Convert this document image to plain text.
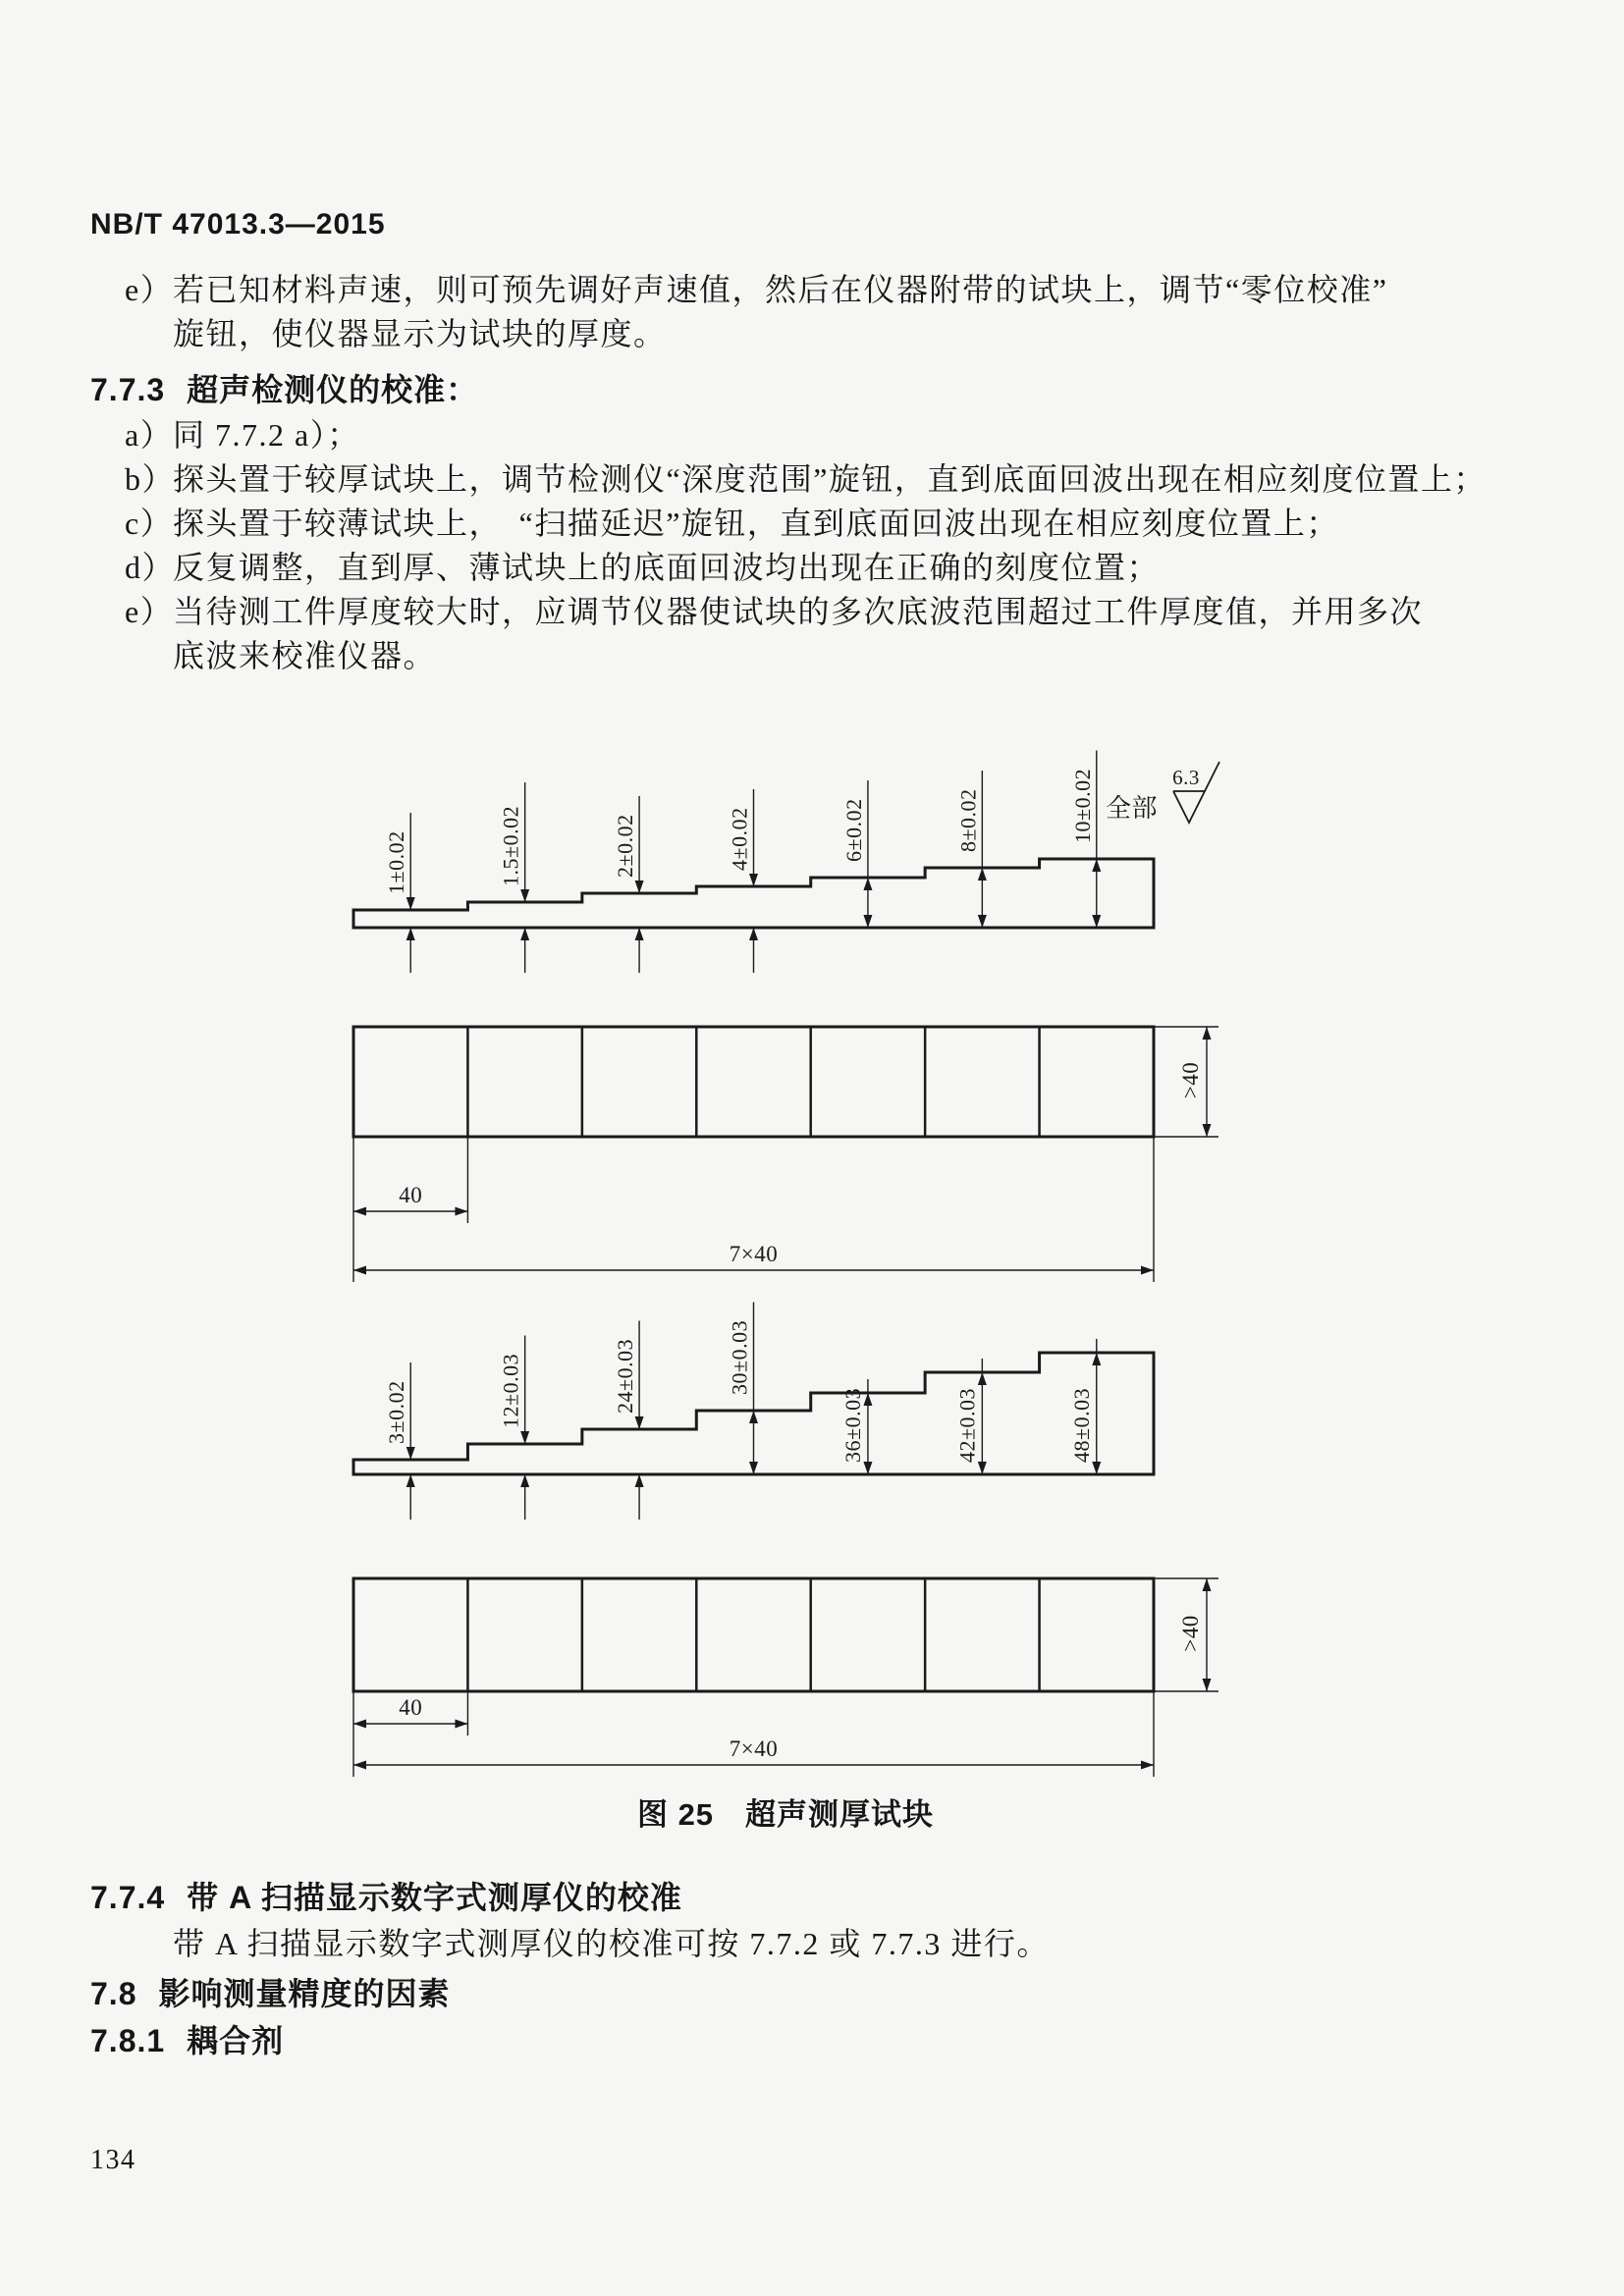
NB/T 47013.3—2015
e） 若已知材料声速，则可预先调好声速值，然后在仪器附带的试块上，调节“零位校准”
旋钮，使仪器显示为试块的厚度。
7.7.3 超声检测仪的校准：
a） 同 7.7.2 a）；
b）
探头置于较厚试块上，调节检测仪“深度范围”旋钮，直到底面回波出现在相应刻度位置上；
c） 探头置于较薄试块上，　“扫描延迟”旋钮，直到底面回波出现在相应刻度位置上；
d）
反复调整，直到厚、薄试块上的底面回波均出现在正确的刻度位置；
e） 当待测工件厚度较大时，应调节仪器使试块的多次底波范围超过工件厚度值，并用多次
底波来校准仪器。
1±0.02	1.5±0.02	2±0.02	4±0.02	6±0.02	8±0.02	10±0.02
40
7×40
>40
3±0.02	12±0.03	24±0.03	30±0.03
36±0.03	42±0.03	48±0.03
40
7×40
>40
全部
6.3
图 25　超声测厚试块
7.7.4 带 A 扫描显示数字式测厚仪的校准
带 A 扫描显示数字式测厚仪的校准可按 7.7.2 或 7.7.3 进行。
7.8 影响测量精度的因素
7.8.1 耦合剂
134
